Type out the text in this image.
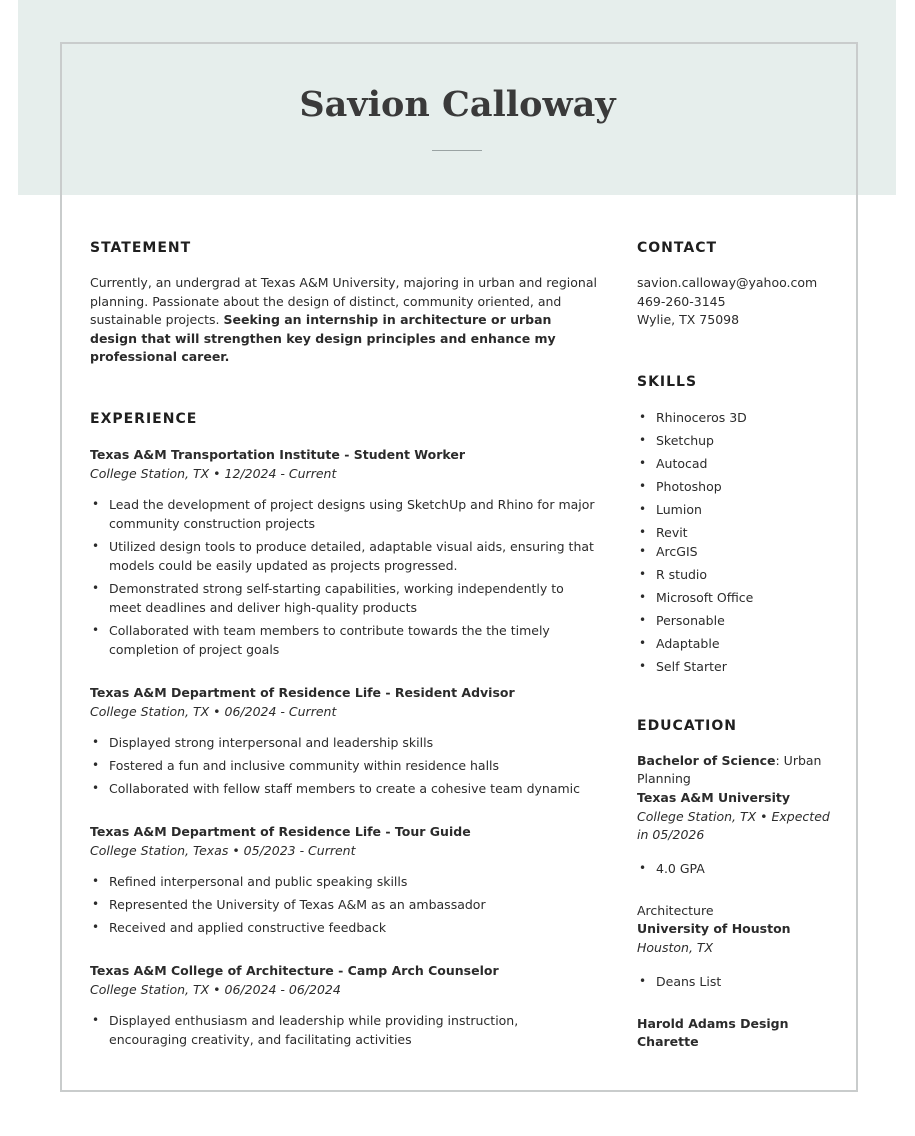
Savion Calloway
STATEMENT

Currently, an undergrad at Texas A&M University, majoring in urban and regional planning. Passionate about the design of distinct, community oriented, and sustainable projects. Seeking an internship in architecture or urban design that will strengthen key design principles and enhance my professional career.

EXPERIENCE
Texas A&M Transportation Institute - Student Worker
College Station, TX • 12/2024 - Current
• Lead the development of project designs using SketchUp and Rhino for major community construction projects
• Utilized design tools to produce detailed, adaptable visual aids, ensuring that models could be easily updated as projects progressed.
• Demonstrated strong self-starting capabilities, working independently to meet deadlines and deliver high-quality products
• Collaborated with team members to contribute towards the the timely completion of project goals
Texas A&M Department of Residence Life - Resident Advisor
College Station, TX • 06/2024 - Current
• Displayed strong interpersonal and leadership skills
• Fostered a fun and inclusive community within residence halls
• Collaborated with fellow staff members to create a cohesive team dynamic
Texas A&M Department of Residence Life - Tour Guide
College Station, Texas • 05/2023 - Current
• Refined interpersonal and public speaking skills
• Represented the University of Texas A&M as an ambassador
• Received and applied constructive feedback
Texas A&M College of Architecture - Camp Arch Counselor
College Station, TX • 06/2024 - 06/2024
• Displayed enthusiasm and leadership while providing instruction, encouraging creativity, and facilitating activities
CONTACT
savion.calloway@yahoo.com
469-260-3145
Wylie, TX 75098
SKILLS
• Rhinoceros 3D
• Sketchup
• Autocad
• Photoshop
• Lumion
• Revit
• ArcGIS
• R studio
• Microsoft Office
• Personable
• Adaptable
• Self Starter
EDUCATION
Bachelor of Science: Urban Planning
Texas A&M University
College Station, TX • Expected in 05/2026
• 4.0 GPA
Architecture
University of Houston
Houston, TX
• Deans List
Harold Adams Design Charette
